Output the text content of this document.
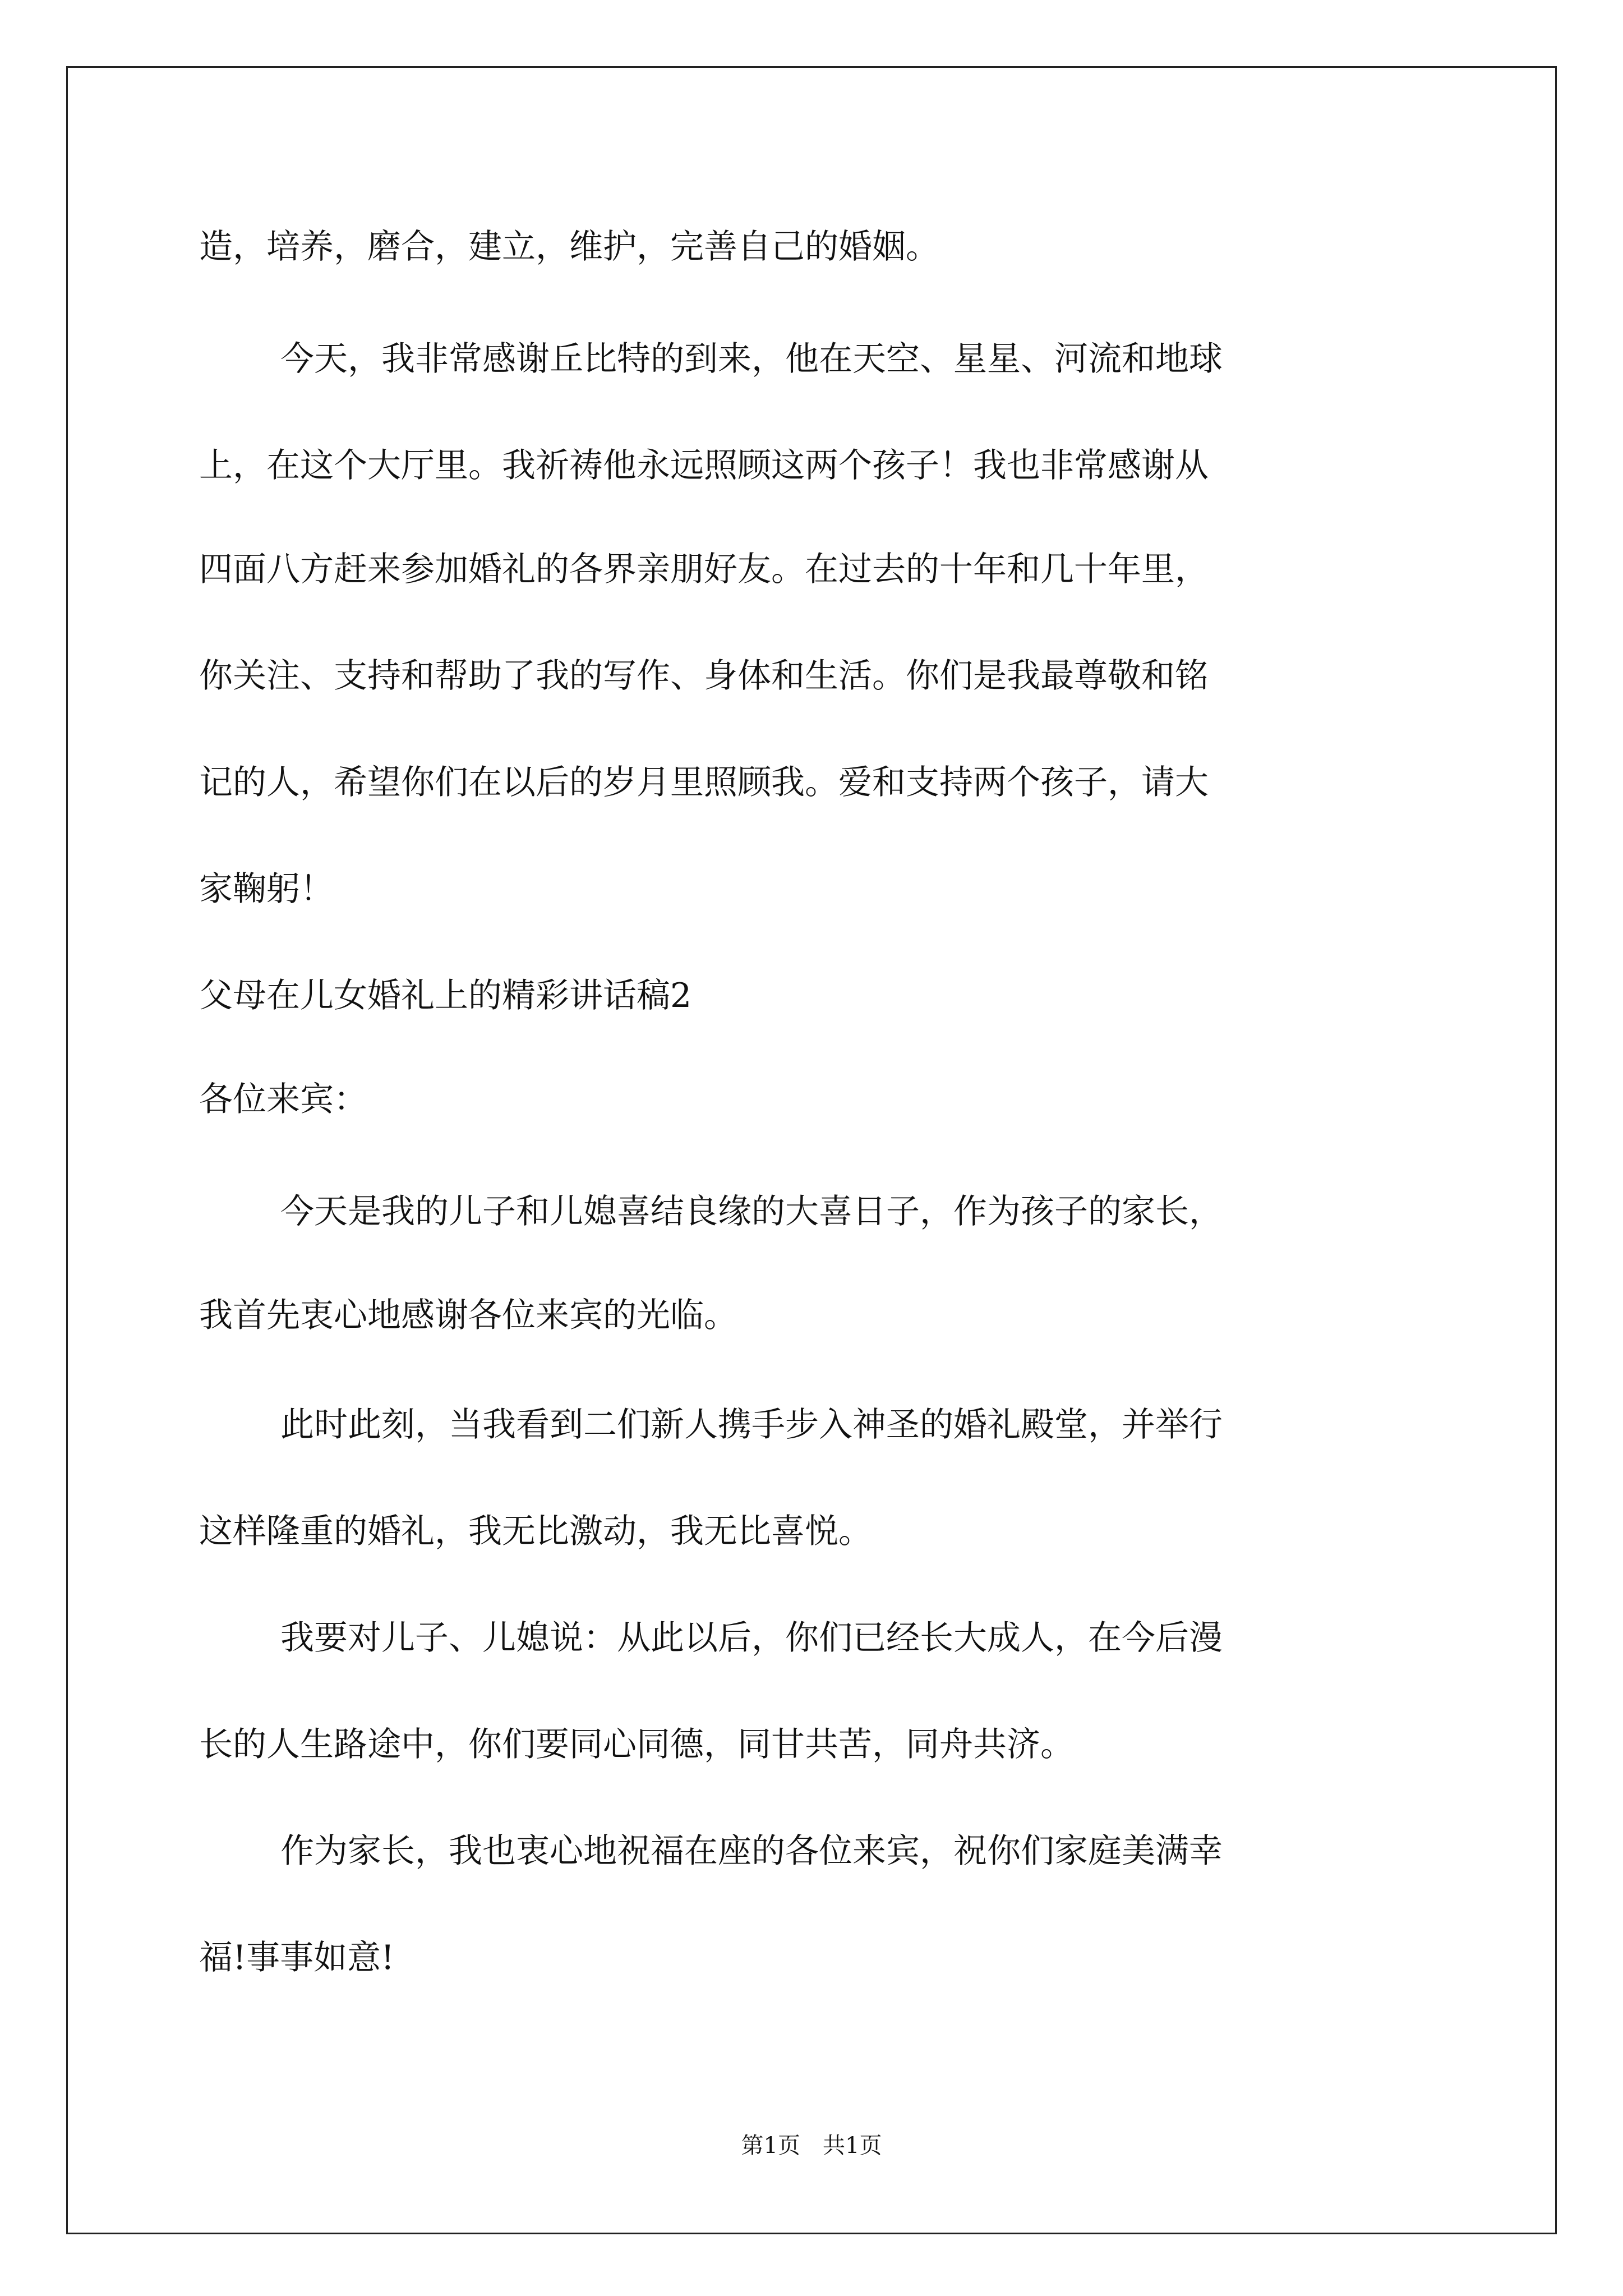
造，培养，磨合，建立，维护，完善自己的婚姻。
今天，我非常感谢丘比特的到来，他在天空、星星、河流和地球
上，在这个大厅里。我祈祷他永远照顾这两个孩子！我也非常感谢从
四面八方赶来参加婚礼的各界亲朋好友。在过去的十年和几十年里，
你关注、支持和帮助了我的写作、身体和生活。你们是我最尊敬和铭
记的人，希望你们在以后的岁月里照顾我。爱和支持两个孩子，请大
家鞠躬！
父母在儿女婚礼上的精彩讲话稿2
各位来宾：
今天是我的儿子和儿媳喜结良缘的大喜日子，作为孩子的家长，
我首先衷心地感谢各位来宾的光临。
此时此刻，当我看到二们新人携手步入神圣的婚礼殿堂，并举行
这样隆重的婚礼，我无比激动，我无比喜悦。
我要对儿子、儿媳说：从此以后，你们已经长大成人，在今后漫
长的人生路途中，你们要同心同德，同甘共苦，同舟共济。
作为家长，我也衷心地祝福在座的各位来宾，祝你们家庭美满幸
福!事事如意!
第1页　共1页
